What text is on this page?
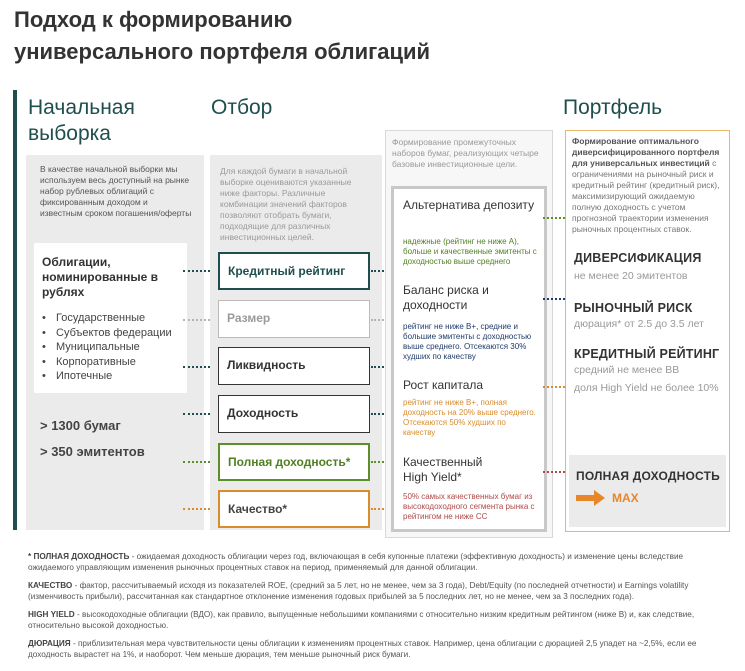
Подход к формированию
универсального портфеля облигаций
Начальная
выборка
Отбор	Портфель
В качестве начальной выборки мы используем весь доступный на рынке набор рублевых облигаций с фиксированным доходом и известным сроком погашения/оферты
Облигации, номинированные в рублях
• Государственные
• Субъектов федерации
• Муниципальные
• Корпоративные
• Ипотечные
> 1300 бумаг
> 350 эмитентов
Для каждой бумаги в начальной выборке оцениваются указанные ниже факторы. Различные комбинации значений факторов позволяют отобрать бумаги, подходящие для различных инвестиционных целей.
Кредитный рейтинг
Размер
Ликвидность
Доходность
Полная доходность*
Качество*
Формирование промежуточных наборов бумаг, реализующих четыре базовые инвестиционные цели.
Альтернатива депозиту
надежные (рейтинг не ниже A), больше и качественные эмитенты с доходностью выше среднего
Баланс риска и доходности
рейтинг не ниже B+, средние и большие эмитенты с доходностью выше среднего. Отсекаются 30% худших по качеству
Рост капитала
рейтинг не ниже B+, полная доходность на 20% выше среднего. Отсекаются 50% худших по качеству
Качественный High Yield*
50% самых качественных бумаг из высокодоходного сегмента рынка с рейтингом не ниже CC
Формирование оптимального диверсифицированного портфеля для универсальных инвестиций с ограничениями на рыночный риск и кредитный рейтинг (кредитный риск), максимизирующий ожидаемую полную доходность с учетом прогнозной траектории изменения рыночных процентных ставок.
ДИВЕРСИФИКАЦИЯ
не менее 20 эмитентов
РЫНОЧНЫЙ РИСК
дюрация* от 2.5 до 3.5 лет
КРЕДИТНЫЙ РЕЙТИНГ
средний не менее BB
доля High Yield не более 10%
ПОЛНАЯ ДОХОДНОСТЬ
MAX

* ПОЛНАЯ ДОХОДНОСТЬ - ожидаемая доходность облигации через год, включающая в себя купонные платежи (эффективную доходность) и изменение цены вследствие ожидаемого управляющим изменения рыночных процентных ставок на период, применяемый для данной облигации.

КАЧЕСТВО - фактор, рассчитываемый исходя из показателей ROE, (средний за 5 лет, но не менее, чем за 3 года), Debt/Equity (по последней отчетности) и Earnings volatility (изменчивость прибыли), рассчитанная как стандартное отклонение изменения годовых прибылей за 5 последних лет, но не менее, чем за 3 последних года).

HIGH YIELD - высокодоходные облигации (ВДО), как правило, выпущенные небольшими компаниями с относительно низким кредитным рейтингом (ниже B) и, как следствие, относительно высокой доходностью.

ДЮРАЦИЯ - приблизительная мера чувствительности цены облигации к изменениям процентных ставок. Например, цена облигации с дюрацией 2,5 упадет на ~2,5%, если ее доходность вырастет на 1%, и наоборот. Чем меньше дюрация, тем меньше рыночный риск бумаги.
